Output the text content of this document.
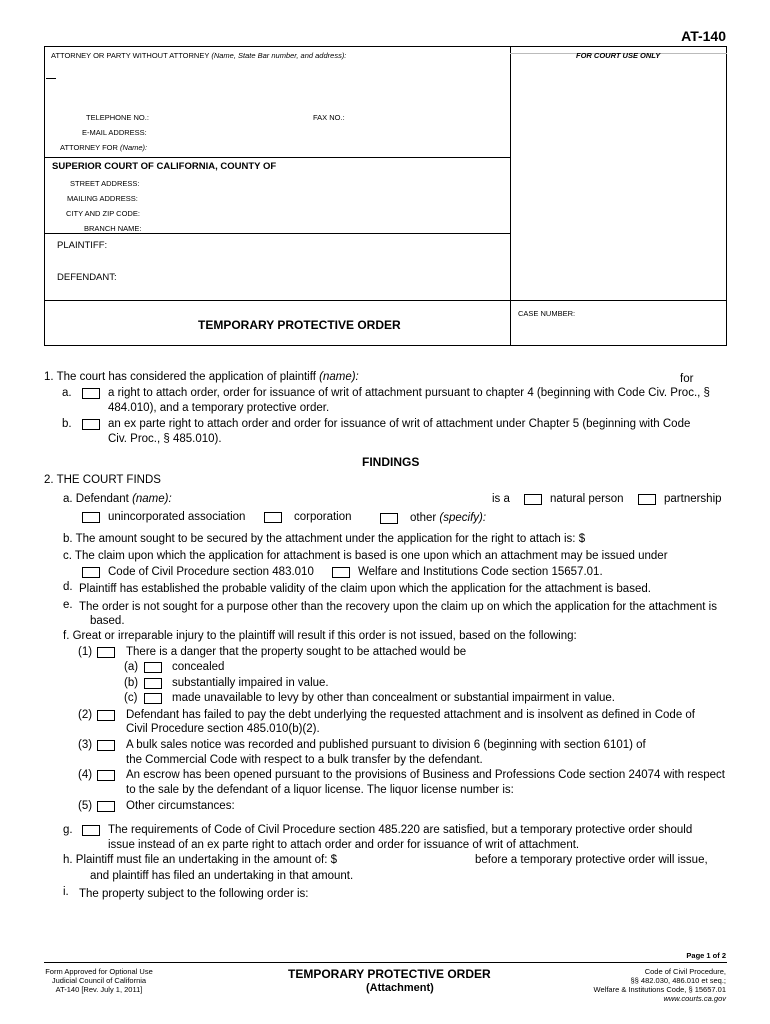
AT-140
ATTORNEY OR PARTY WITHOUT ATTORNEY (Name, State Bar number, and address):	FOR COURT USE ONLY
TELEPHONE NO.:	FAX NO.:
E-MAIL ADDRESS:
ATTORNEY FOR (Name):
SUPERIOR COURT OF CALIFORNIA, COUNTY OF
STREET ADDRESS:
MAILING ADDRESS:
CITY AND ZIP CODE:
BRANCH NAME:
PLAINTIFF:
DEFENDANT:
CASE NUMBER:
TEMPORARY PROTECTIVE ORDER
1. The court has considered the application of plaintiff (name):	for
a.	a right to attach order, order for issuance of writ of attachment pursuant to chapter 4 (beginning with Code Civ. Proc., §
484.010), and a temporary protective order.
b.	an ex parte right to attach order and order for issuance of writ of attachment under Chapter 5 (beginning with Code
Civ. Proc., § 485.010).
FINDINGS
2. THE COURT FINDS
a. Defendant (name):	is a	natural person	partnership
unincorporated association	corporation	other (specify):
b. The amount sought to be secured by the attachment under the application for the right to attach is: $
c. The claim upon which the application for attachment is based is one upon which an attachment may be issued under
Code of Civil Procedure section 483.010	Welfare and Institutions Code section 15657.01.
d. Plaintiff has established the probable validity of the claim upon which the application for the attachment is based.
e. The order is not sought for a purpose other than the recovery upon the claim up on which the application for the attachment is
based.
f. Great or irreparable injury to the plaintiff will result if this order is not issued, based on the following:
(1)	There is a danger that the property sought to be attached would be
(a)	concealed
(b)	substantially impaired in value.
(c)	made unavailable to levy by other than concealment or substantial impairment in value.
(2)	Defendant has failed to pay the debt underlying the requested attachment and is insolvent as defined in Code of
Civil Procedure section 485.010(b)(2).
(3)	A bulk sales notice was recorded and published pursuant to division 6 (beginning with section 6101) of
the Commercial Code with respect to a bulk transfer by the defendant.
(4)	An escrow has been opened pursuant to the provisions of Business and Professions Code section 24074 with respect
to the sale by the defendant of a liquor license. The liquor license number is:
(5)	Other circumstances:
g.	The requirements of Code of Civil Procedure section 485.220 are satisfied, but a temporary protective order should
issue instead of an ex parte right to attach order and order for issuance of writ of attachment.
h. Plaintiff must file an undertaking in the amount of: $	before a temporary protective order will issue,
and plaintiff has filed an undertaking in that amount.
i. The property subject to the following order is:
Page 1 of 2
Form Approved for Optional Use
Judicial Council of California
AT-140 [Rev. July 1, 2011]
TEMPORARY PROTECTIVE ORDER
(Attachment)
Code of Civil Procedure,
§§ 482.030, 486.010 et seq.;
Welfare & Institutions Code, § 15657.01
www.courts.ca.gov
